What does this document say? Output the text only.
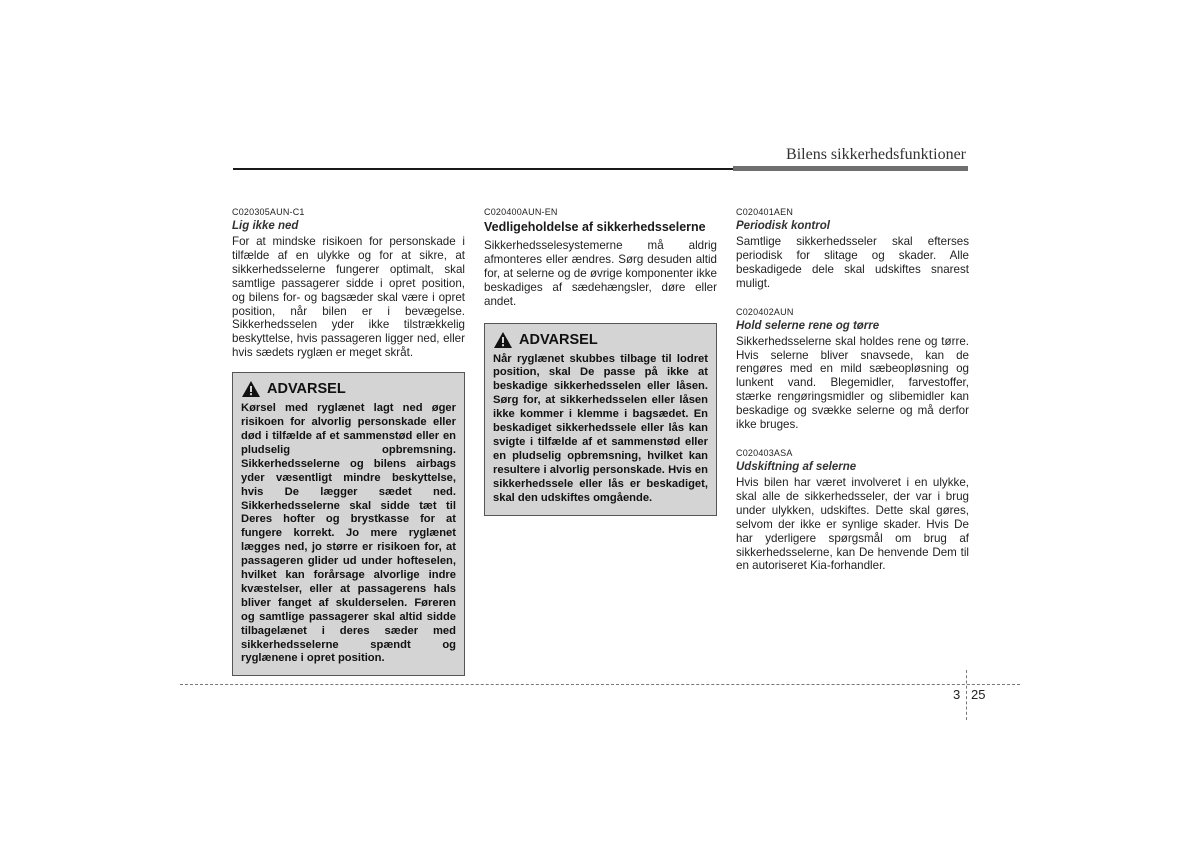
Bilens sikkerhedsfunktioner

C020305AUN-C1

Lig ikke ned

For at mindske risikoen for personskade i tilfælde af en ulykke og for at sikre, at sikkerhedsselerne fungerer optimalt, skal samtlige passagerer sidde i opret position, og bilens for- og bagsæder skal være i opret position, når bilen er i bevægelse. Sikkerhedsselen yder ikke tilstrækkelig beskyttelse, hvis passageren ligger ned, eller hvis sædets ryglæn er meget skråt.

ADVARSEL

Kørsel med ryglænet lagt ned øger risikoen for alvorlig personskade eller død i tilfælde af et sammenstød eller en pludselig opbremsning. Sikkerhedsselerne og bilens airbags yder væsentligt mindre beskyttelse, hvis De lægger sædet ned. Sikkerhedsselerne skal sidde tæt til Deres hofter og brystkasse for at fungere korrekt. Jo mere ryglænet lægges ned, jo større er risikoen for, at passageren glider ud under hofteselen, hvilket kan forårsage alvorlige indre kvæstelser, eller at passagerens hals bliver fanget af skulderselen. Føreren og samtlige passagerer skal altid sidde tilbagelænet i deres sæder med sikkerhedsselerne spændt og ryglænene i opret position.

C020400AUN-EN

Vedligeholdelse af sikkerhedsselerne

Sikkerhedsselesystemerne må aldrig afmonteres eller ændres. Sørg desuden altid for, at selerne og de øvrige komponenter ikke beskadiges af sædehængsler, døre eller andet.

ADVARSEL

Når ryglænet skubbes tilbage til lodret position, skal De passe på ikke at beskadige sikkerhedsselen eller låsen. Sørg for, at sikkerhedsselen eller låsen ikke kommer i klemme i bagsædet. En beskadiget sikkerhedssele eller lås kan svigte i tilfælde af et sammenstød eller en pludselig opbremsning, hvilket kan resultere i alvorlig personskade. Hvis en sikkerhedssele eller lås er beskadiget, skal den udskiftes omgående.

C020401AEN

Periodisk kontrol

Samtlige sikkerhedsseler skal efterses periodisk for slitage og skader. Alle beskadigede dele skal udskiftes snarest muligt.

C020402AUN

Hold selerne rene og tørre

Sikkerhedsselerne skal holdes rene og tørre. Hvis selerne bliver snavsede, kan de rengøres med en mild sæbeopløsning og lunkent vand. Blegemidler, farvestoffer, stærke rengøringsmidler og slibemidler kan beskadige og svække selerne og må derfor ikke bruges.

C020403ASA

Udskiftning af selerne

Hvis bilen har været involveret i en ulykke, skal alle de sikkerhedsseler, der var i brug under ulykken, udskiftes. Dette skal gøres, selvom der ikke er synlige skader. Hvis De har yderligere spørgsmål om brug af sikkerhedsselerne, kan De henvende Dem til en autoriseret Kia-forhandler.

3 25
